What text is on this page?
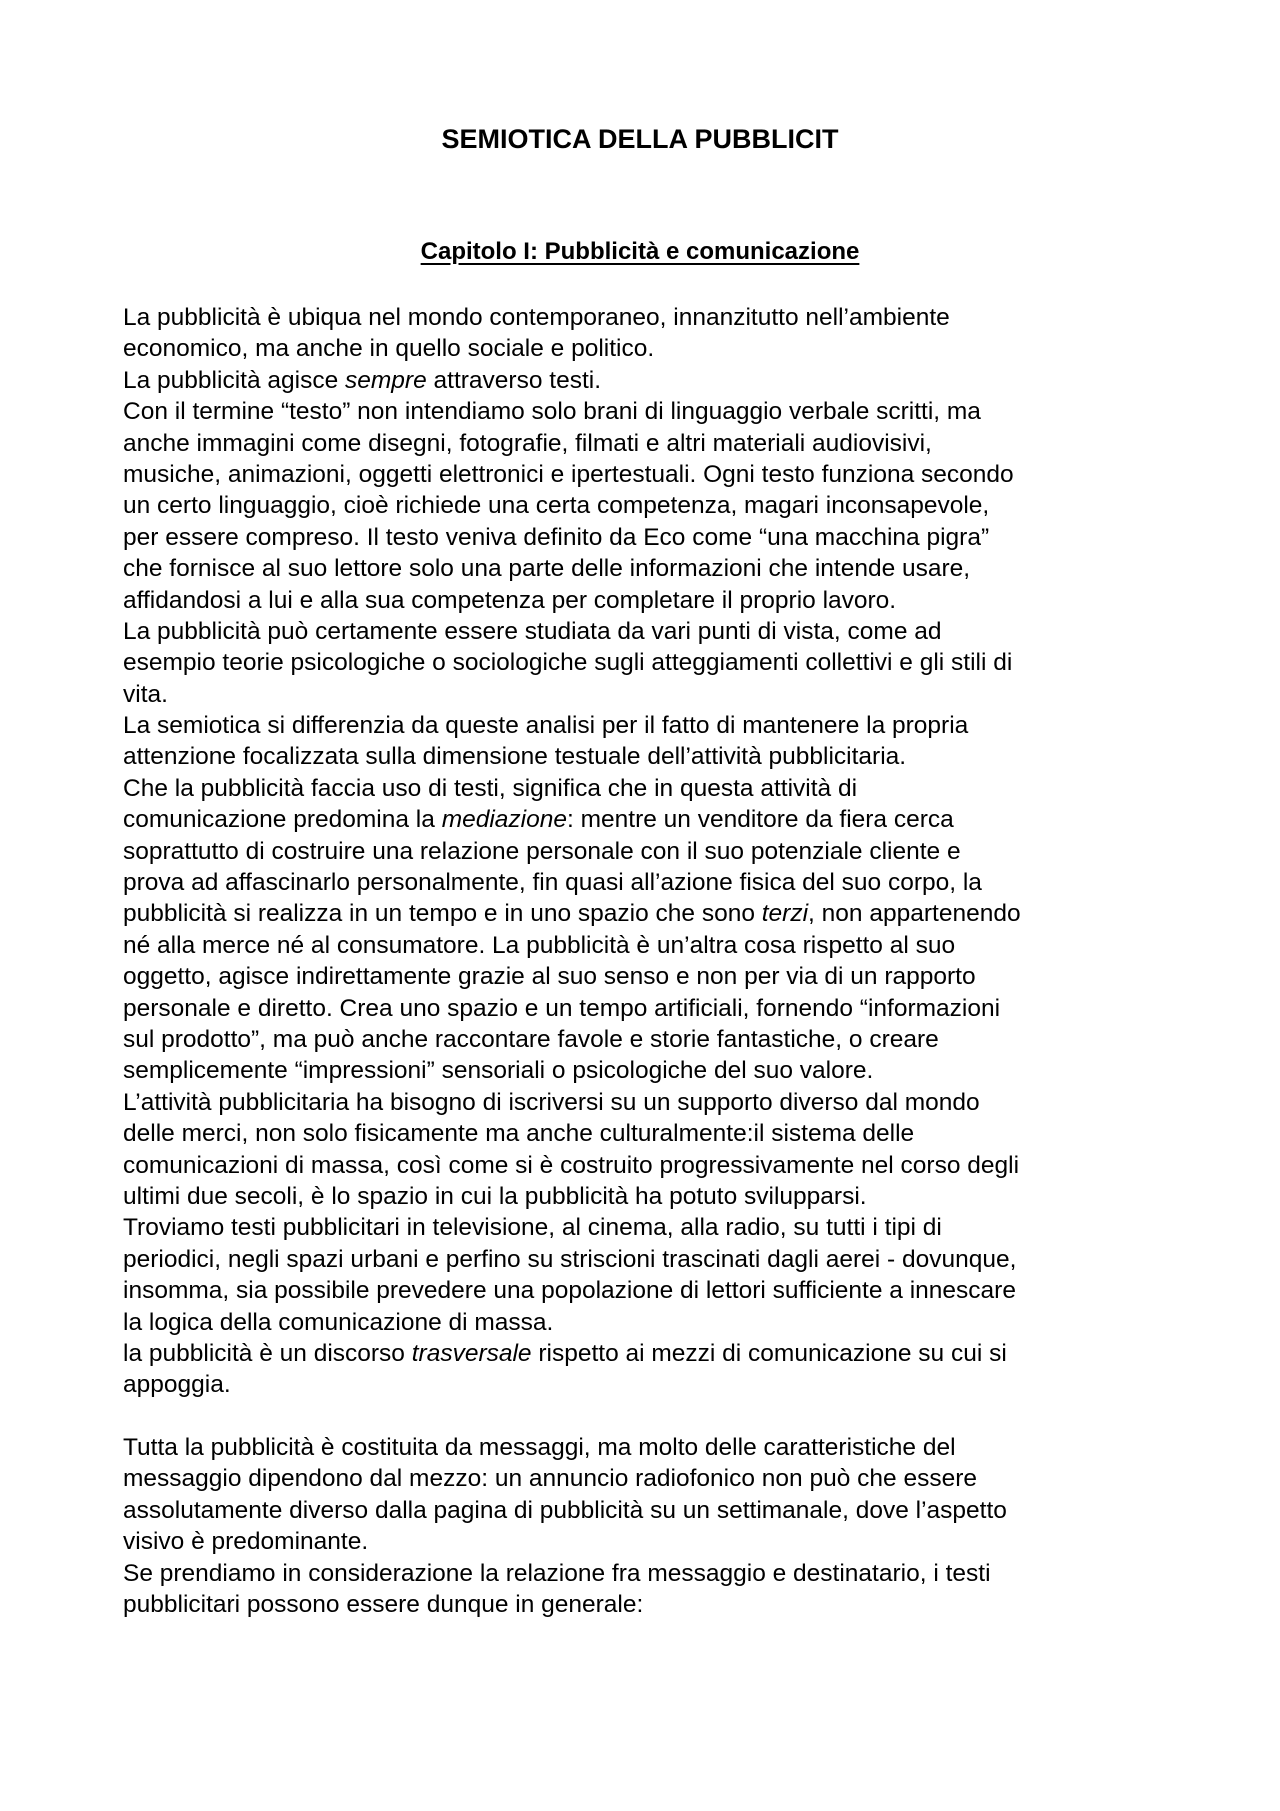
SEMIOTICA DELLA PUBBLICIT
Capitolo I: Pubblicità e comunicazione
La pubblicità è ubiqua nel mondo contemporaneo, innanzitutto nell’ambiente
economico, ma anche in quello sociale e politico.
La pubblicità agisce sempre attraverso testi.
Con il termine “testo” non intendiamo solo brani di linguaggio verbale scritti, ma
anche immagini come disegni, fotografie, filmati e altri materiali audiovisivi,
musiche, animazioni, oggetti elettronici e ipertestuali. Ogni testo funziona secondo
un certo linguaggio, cioè richiede una certa competenza, magari inconsapevole,
per essere compreso. Il testo veniva definito da Eco come “una macchina pigra”
che fornisce al suo lettore solo una parte delle informazioni che intende usare,
affidandosi a lui e alla sua competenza per completare il proprio lavoro.
La pubblicità può certamente essere studiata da vari punti di vista, come ad
esempio teorie psicologiche o sociologiche sugli atteggiamenti collettivi e gli stili di
vita.
La semiotica si differenzia da queste analisi per il fatto di mantenere la propria
attenzione focalizzata sulla dimensione testuale dell’attività pubblicitaria.
Che la pubblicità faccia uso di testi, significa che in questa attività di
comunicazione predomina la mediazione: mentre un venditore da fiera cerca
soprattutto di costruire una relazione personale con il suo potenziale cliente e
prova ad affascinarlo personalmente, fin quasi all’azione fisica del suo corpo, la
pubblicità si realizza in un tempo e in uno spazio che sono terzi, non appartenendo
né alla merce né al consumatore. La pubblicità è un’altra cosa rispetto al suo
oggetto, agisce indirettamente grazie al suo senso e non per via di un rapporto
personale e diretto. Crea uno spazio e un tempo artificiali, fornendo “informazioni
sul prodotto”, ma può anche raccontare favole e storie fantastiche, o creare
semplicemente “impressioni” sensoriali o psicologiche del suo valore.
L’attività pubblicitaria ha bisogno di iscriversi su un supporto diverso dal mondo
delle merci, non solo fisicamente ma anche culturalmente:il sistema delle
comunicazioni di massa, così come si è costruito progressivamente nel corso degli
ultimi due secoli, è lo spazio in cui la pubblicità ha potuto svilupparsi.
Troviamo testi pubblicitari in televisione, al cinema, alla radio, su tutti i tipi di
periodici, negli spazi urbani e perfino su striscioni trascinati dagli aerei - dovunque,
insomma, sia possibile prevedere una popolazione di lettori sufficiente a innescare
la logica della comunicazione di massa.
la pubblicità è un discorso trasversale rispetto ai mezzi di comunicazione su cui si
appoggia.
Tutta la pubblicità è costituita da messaggi, ma molto delle caratteristiche del
messaggio dipendono dal mezzo: un annuncio radiofonico non può che essere
assolutamente diverso dalla pagina di pubblicità su un settimanale, dove l’aspetto
visivo è predominante.
Se prendiamo in considerazione la relazione fra messaggio e destinatario, i testi
pubblicitari possono essere dunque in generale:
